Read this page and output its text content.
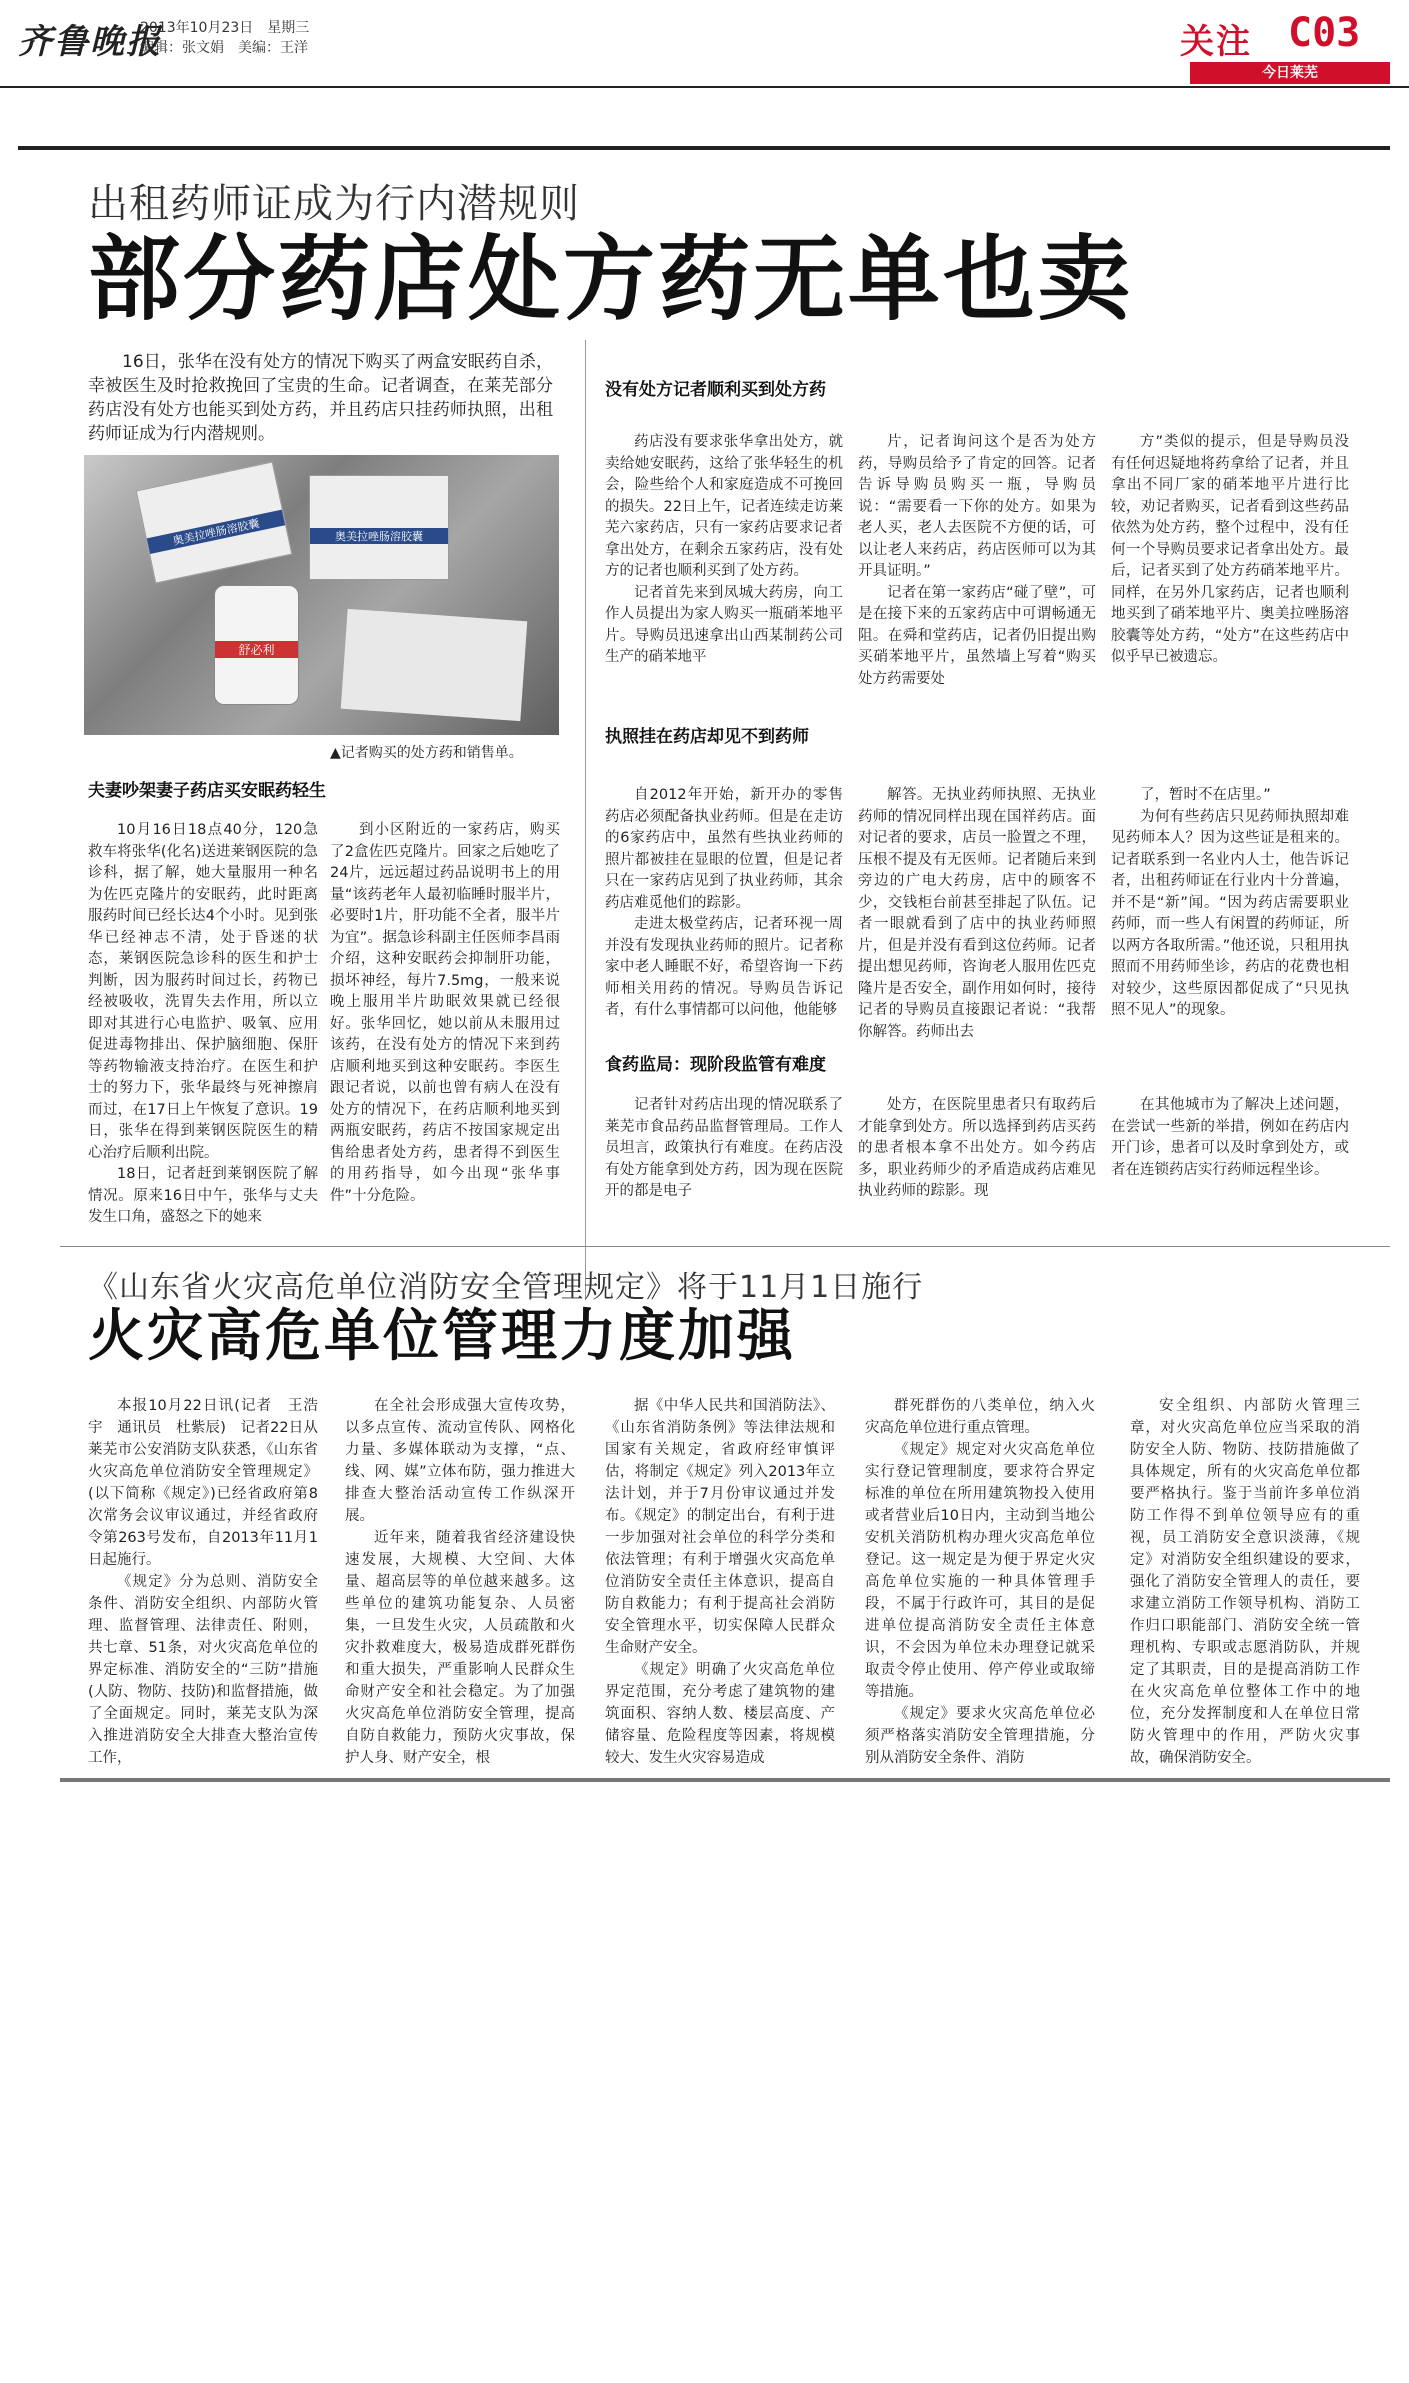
齐鲁晚报
2013年10月23日　 星期三
编辑：张文娟　美编：王洋	关注 C03
今日莱芜
出租药师证成为行内潜规则
部分药店处方药无单也卖
16日，张华在没有处方的情况下购买了两盒安眠药自杀，幸被医生及时抢救挽回了宝贵的生命。记者调查，在莱芜部分药店没有处方也能买到处方药，并且药店只挂药师执照，出租药师证成为行内潜规则。
奥美拉唑肠溶胶囊	奥美拉唑肠溶胶囊
舒必利
▲记者购买的处方药和销售单。
没有处方记者顺利买到处方药
药店没有要求张华拿出处方，就卖给她安眠药，这给了张华轻生的机会，险些给个人和家庭造成不可挽回的损失。22日上午，记者连续走访莱芜六家药店，只有一家药店要求记者拿出处方，在剩余五家药店，没有处方的记者也顺利买到了处方药。
记者首先来到凤城大药房，向工作人员提出为家人购买一瓶硝苯地平片。导购员迅速拿出山西某制药公司生产的硝苯地平
片，记者询问这个是否为处方药，导购员给予了肯定的回答。记者告诉导购员购买一瓶，导购员说：“需要看一下你的处方。如果为老人买，老人去医院不方便的话，可以让老人来药店，药店医师可以为其开具证明。”
记者在第一家药店“碰了壁”，可是在接下来的五家药店中可谓畅通无阻。在舜和堂药店，记者仍旧提出购买硝苯地平片，虽然墙上写着“购买处方药需要处
方”类似的提示，但是导购员没有任何迟疑地将药拿给了记者，并且拿出不同厂家的硝苯地平片进行比较，劝记者购买，记者看到这些药品依然为处方药，整个过程中，没有任何一个导购员要求记者拿出处方。最后，记者买到了处方药硝苯地平片。同样，在另外几家药店，记者也顺利地买到了硝苯地平片、奥美拉唑肠溶胶囊等处方药，“处方”在这些药店中似乎早已被遗忘。
夫妻吵架妻子药店买安眠药轻生
10月16日18点40分，120急救车将张华(化名)送进莱钢医院的急诊科，据了解，她大量服用一种名为佐匹克隆片的安眠药，此时距离服药时间已经长达4个小时。见到张华已经神志不清，处于昏迷的状态，莱钢医院急诊科的医生和护士判断，因为服药时间过长，药物已经被吸收，洗胃失去作用，所以立即对其进行心电监护、吸氧、应用促进毒物排出、保护脑细胞、保肝等药物输液支持治疗。在医生和护士的努力下，张华最终与死神擦肩而过，在17日上午恢复了意识。19日，张华在得到莱钢医院医生的精心治疗后顺利出院。
18日，记者赶到莱钢医院了解情况。原来16日中午，张华与丈夫发生口角，盛怒之下的她来
到小区附近的一家药店，购买了2盒佐匹克隆片。回家之后她吃了24片，远远超过药品说明书上的用量“该药老年人最初临睡时服半片，必要时1片，肝功能不全者，服半片为宜”。据急诊科副主任医师李昌雨介绍，这种安眠药会抑制肝功能，损坏神经，每片7.5mg，一般来说晚上服用半片助眠效果就已经很好。张华回忆，她以前从未服用过该药，在没有处方的情况下来到药店顺利地买到这种安眠药。李医生跟记者说，以前也曾有病人在没有处方的情况下，在药店顺利地买到两瓶安眠药，药店不按国家规定出售给患者处方药，患者得不到医生的用药指导，如今出现“张华事件”十分危险。
执照挂在药店却见不到药师
自2012年开始，新开办的零售药店必须配备执业药师。但是在走访的6家药店中，虽然有些执业药师的照片都被挂在显眼的位置，但是记者只在一家药店见到了执业药师，其余药店难觅他们的踪影。
走进太极堂药店，记者环视一周并没有发现执业药师的照片。记者称家中老人睡眠不好，希望咨询一下药师相关用药的情况。导购员告诉记者，有什么事情都可以问他，他能够
解答。无执业药师执照、无执业药师的情况同样出现在国祥药店。面对记者的要求，店员一脸置之不理，压根不提及有无医师。记者随后来到旁边的广电大药房，店中的顾客不少，交钱柜台前甚至排起了队伍。记者一眼就看到了店中的执业药师照片，但是并没有看到这位药师。记者提出想见药师，咨询老人服用佐匹克隆片是否安全，副作用如何时，接待记者的导购员直接跟记者说：“我帮你解答。药师出去
了，暂时不在店里。”
为何有些药店只见药师执照却难见药师本人？因为这些证是租来的。记者联系到一名业内人士，他告诉记者，出租药师证在行业内十分普遍，并不是“新”闻。“因为药店需要职业药师，而一些人有闲置的药师证，所以两方各取所需。”他还说，只租用执照而不用药师坐诊，药店的花费也相对较少，这些原因都促成了“只见执照不见人”的现象。
食药监局：现阶段监管有难度
记者针对药店出现的情况联系了莱芜市食品药品监督管理局。工作人员坦言，政策执行有难度。在药店没有处方能拿到处方药，因为现在医院开的都是电子
处方，在医院里患者只有取药后才能拿到处方。所以选择到药店买药的患者根本拿不出处方。如今药店多，职业药师少的矛盾造成药店难见执业药师的踪影。现
在其他城市为了解决上述问题，在尝试一些新的举措，例如在药店内开门诊，患者可以及时拿到处方，或者在连锁药店实行药师远程坐诊。
《山东省火灾高危单位消防安全管理规定》将于11月1日施行
火灾高危单位管理力度加强
本报10月22日讯(记者　王浩宇　通讯员　杜紫辰)　记者22日从莱芜市公安消防支队获悉，《山东省火灾高危单位消防安全管理规定》(以下简称《规定》)已经省政府第8次常务会议审议通过，并经省政府令第263号发布，自2013年11月1日起施行。
《规定》分为总则、消防安全条件、消防安全组织、内部防火管理、监督管理、法律责任、附则，共七章、51条，对火灾高危单位的界定标准、消防安全的“三防”措施(人防、物防、技防)和监督措施，做了全面规定。同时，莱芜支队为深入推进消防安全大排查大整治宣传工作，
在全社会形成强大宣传攻势，以多点宣传、流动宣传队、网格化力量、多媒体联动为支撑，“点、线、网、媒”立体布防，强力推进大排查大整治活动宣传工作纵深开展。
近年来，随着我省经济建设快速发展，大规模、大空间、大体量、超高层等的单位越来越多。这些单位的建筑功能复杂、人员密集，一旦发生火灾，人员疏散和火灾扑救难度大，极易造成群死群伤和重大损失，严重影响人民群众生命财产安全和社会稳定。为了加强火灾高危单位消防安全管理，提高自防自救能力，预防火灾事故，保护人身、财产安全，根
据《中华人民共和国消防法》、《山东省消防条例》等法律法规和国家有关规定，省政府经审慎评估，将制定《规定》列入2013年立法计划，并于7月份审议通过并发布。《规定》的制定出台，有利于进一步加强对社会单位的科学分类和依法管理；有利于增强火灾高危单位消防安全责任主体意识，提高自防自救能力；有利于提高社会消防安全管理水平，切实保障人民群众生命财产安全。
《规定》明确了火灾高危单位界定范围，充分考虑了建筑物的建筑面积、容纳人数、楼层高度、产储容量、危险程度等因素，将规模较大、发生火灾容易造成
群死群伤的八类单位，纳入火灾高危单位进行重点管理。
《规定》规定对火灾高危单位实行登记管理制度，要求符合界定标准的单位在所用建筑物投入使用或者营业后10日内，主动到当地公安机关消防机构办理火灾高危单位登记。这一规定是为便于界定火灾高危单位实施的一种具体管理手段，不属于行政许可，其目的是促进单位提高消防安全责任主体意识，不会因为单位未办理登记就采取责令停止使用、停产停业或取缔等措施。
《规定》要求火灾高危单位必须严格落实消防安全管理措施，分别从消防安全条件、消防
安全组织、内部防火管理三章，对火灾高危单位应当采取的消防安全人防、物防、技防措施做了具体规定，所有的火灾高危单位都要严格执行。鉴于当前许多单位消防工作得不到单位领导应有的重视，员工消防安全意识淡薄，《规定》对消防安全组织建设的要求，强化了消防安全管理人的责任，要求建立消防工作领导机构、消防工作归口职能部门、消防安全统一管理机构、专职或志愿消防队，并规定了其职责，目的是提高消防工作在火灾高危单位整体工作中的地位，充分发挥制度和人在单位日常防火管理中的作用，严防火灾事故，确保消防安全。
